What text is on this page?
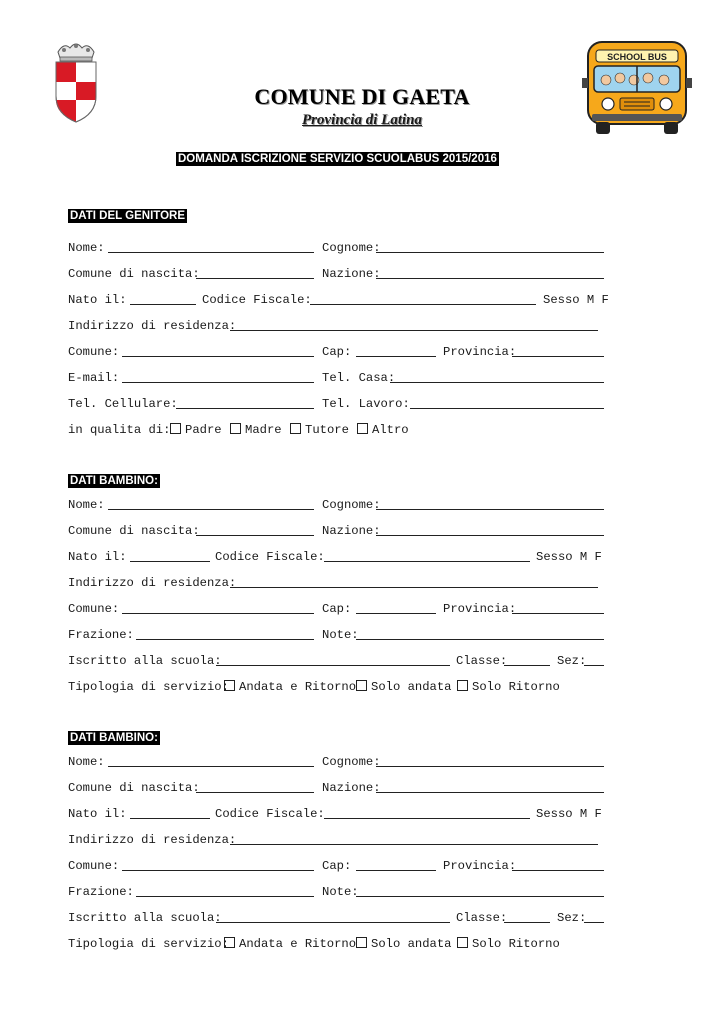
SCHOOL BUS
COMUNE DI GAETA
Provincia di Latina
DOMANDA ISCRIZIONE SERVIZIO SCUOLABUS 2015/2016
DATI DEL GENITORE
Nome:	Cognome:
Comune di nascita:	Nazione:
Nato il:	Codice Fiscale:	Sesso M F
Indirizzo di residenza:
Comune:	Cap:	Provincia:
E-mail:	Tel. Casa:
Tel. Cellulare:	Tel. Lavoro:
in qualita di:	Padre	Madre	Tutore	Altro
DATI BAMBINO:
Nome:	Cognome:
Comune di nascita:	Nazione:
Nato il:	Codice Fiscale:	Sesso M F
Indirizzo di residenza:
Comune:	Cap:	Provincia:
Frazione:	Note:
Iscritto alla scuola:	Classe:	Sez:
Tipologia di servizio: Andata e Ritorno	Solo andata	Solo Ritorno
DATI BAMBINO:
Nome:	Cognome:
Comune di nascita:	Nazione:
Nato il:	Codice Fiscale:	Sesso M F
Indirizzo di residenza:
Comune:	Cap:	Provincia:
Frazione:	Note:
Iscritto alla scuola:	Classe:	Sez:
Tipologia di servizio: Andata e Ritorno	Solo andata	Solo Ritorno
